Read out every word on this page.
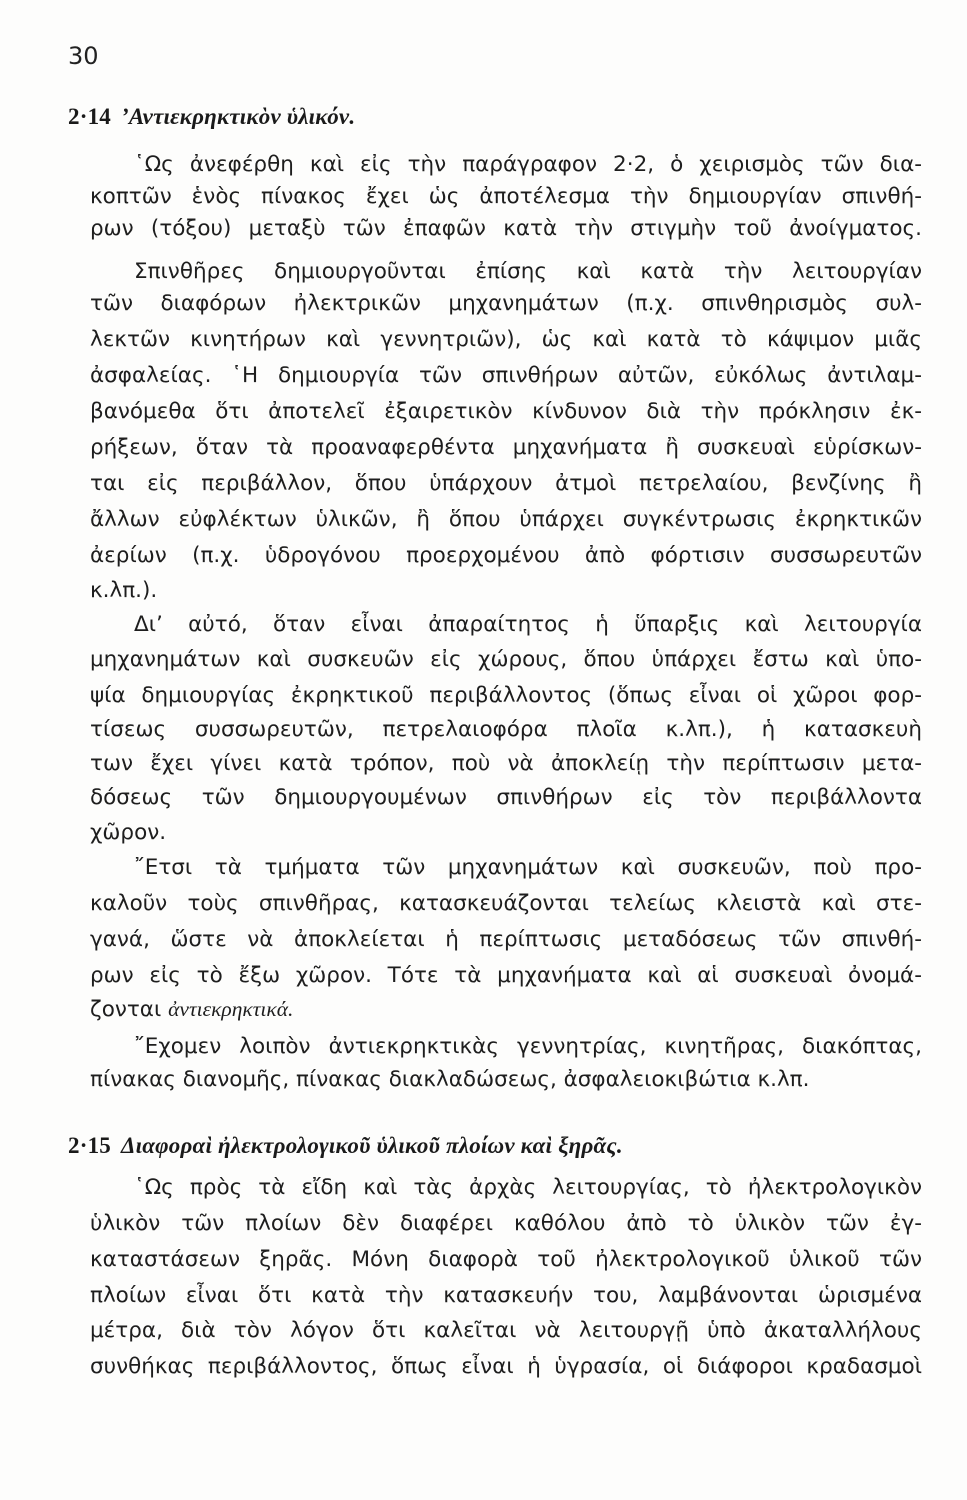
30
2·14 ’Αντιεκρηκτικὸν ὑλικόν.
῾Ως ἀνεφέρθη καὶ εἰς τὴν παράγραφον 2·2, ὁ χειρισμὸς τῶν δια-
κοπτῶν ἑνὸς πίνακος ἔχει ὡς ἀποτέλεσμα τὴν δημιουργίαν σπινθή-
ρων (τόξου) μεταξὺ τῶν ἐπαφῶν κατὰ τὴν στιγμὴν τοῦ ἀνοίγματος.
Σπινθῆρες δημιουργοῦνται ἐπίσης καὶ κατὰ τὴν λειτουργίαν
τῶν διαφόρων ἠλεκτρικῶν μηχανημάτων (π.χ. σπινθηρισμὸς συλ-
λεκτῶν κινητήρων καὶ γεννητριῶν), ὡς καὶ κατὰ τὸ κάψιμον μιᾶς
ἀσφαλείας. ῾Η δημιουργία τῶν σπινθήρων αὐτῶν, εὐκόλως ἀντιλαμ-
βανόμεθα ὅτι ἀποτελεῖ ἐξαιρετικὸν κίνδυνον διὰ τὴν πρόκλησιν ἐκ-
ρήξεων, ὅταν τὰ προαναφερθέντα μηχανήματα ἢ συσκευαὶ εὑρίσκων-
ται εἰς περιβάλλον, ὅπου ὑπάρχουν ἀτμοὶ πετρελαίου, βενζίνης ἢ
ἄλλων εὐφλέκτων ὑλικῶν, ἢ ὅπου ὑπάρχει συγκέντρωσις ἐκρηκτικῶν
ἀερίων (π.χ. ὑδρογόνου προερχομένου ἀπὸ φόρτισιν συσσωρευτῶν
κ.λπ.).
Δι’ αὐτό, ὅταν εἶναι ἀπαραίτητος ἡ ὕπαρξις καὶ λειτουργία
μηχανημάτων καὶ συσκευῶν εἰς χώρους, ὅπου ὑπάρχει ἔστω καὶ ὑπο-
ψία δημιουργίας ἐκρηκτικοῦ περιβάλλοντος (ὅπως εἶναι οἱ χῶροι φορ-
τίσεως συσσωρευτῶν, πετρελαιοφόρα πλοῖα κ.λπ.), ἡ κατασκευὴ
των ἔχει γίνει κατὰ τρόπον, ποὺ νὰ ἀποκλείῃ τὴν περίπτωσιν μετα-
δόσεως τῶν δημιουργουμένων σπινθήρων εἰς τὸν περιβάλλοντα
χῶρον.
῎Ετσι τὰ τμήματα τῶν μηχανημάτων καὶ συσκευῶν, ποὺ προ-
καλοῦν τοὺς σπινθῆρας, κατασκευάζονται τελείως κλειστὰ καὶ στε-
γανά, ὥστε νὰ ἀποκλείεται ἡ περίπτωσις μεταδόσεως τῶν σπινθή-
ρων εἰς τὸ ἔξω χῶρον. Τότε τὰ μηχανήματα καὶ αἱ συσκευαὶ ὀνομά-
ζονται ἀντιεκρηκτικά.
῎Εχομεν λοιπὸν ἀντιεκρηκτικὰς γεννητρίας, κινητῆρας, διακόπτας,
πίνακας διανομῆς, πίνακας διακλαδώσεως, ἀσφαλειοκιβώτια κ.λπ.
2·15 Διαφοραὶ ἠλεκτρολογικοῦ ὑλικοῦ πλοίων καὶ ξηρᾶς.
῾Ως πρὸς τὰ εἴδη καὶ τὰς ἀρχὰς λειτουργίας, τὸ ἠλεκτρολογικὸν
ὑλικὸν τῶν πλοίων δὲν διαφέρει καθόλου ἀπὸ τὸ ὑλικὸν τῶν ἐγ-
καταστάσεων ξηρᾶς. Μόνη διαφορὰ τοῦ ἠλεκτρολογικοῦ ὑλικοῦ τῶν
πλοίων εἶναι ὅτι κατὰ τὴν κατασκευήν του, λαμβάνονται ὡρισμένα
μέτρα, διὰ τὸν λόγον ὅτι καλεῖται νὰ λειτουργῇ ὑπὸ ἀκαταλλήλους
συνθήκας περιβάλλοντος, ὅπως εἶναι ἡ ὑγρασία, οἱ διάφοροι κραδασμοὶ
